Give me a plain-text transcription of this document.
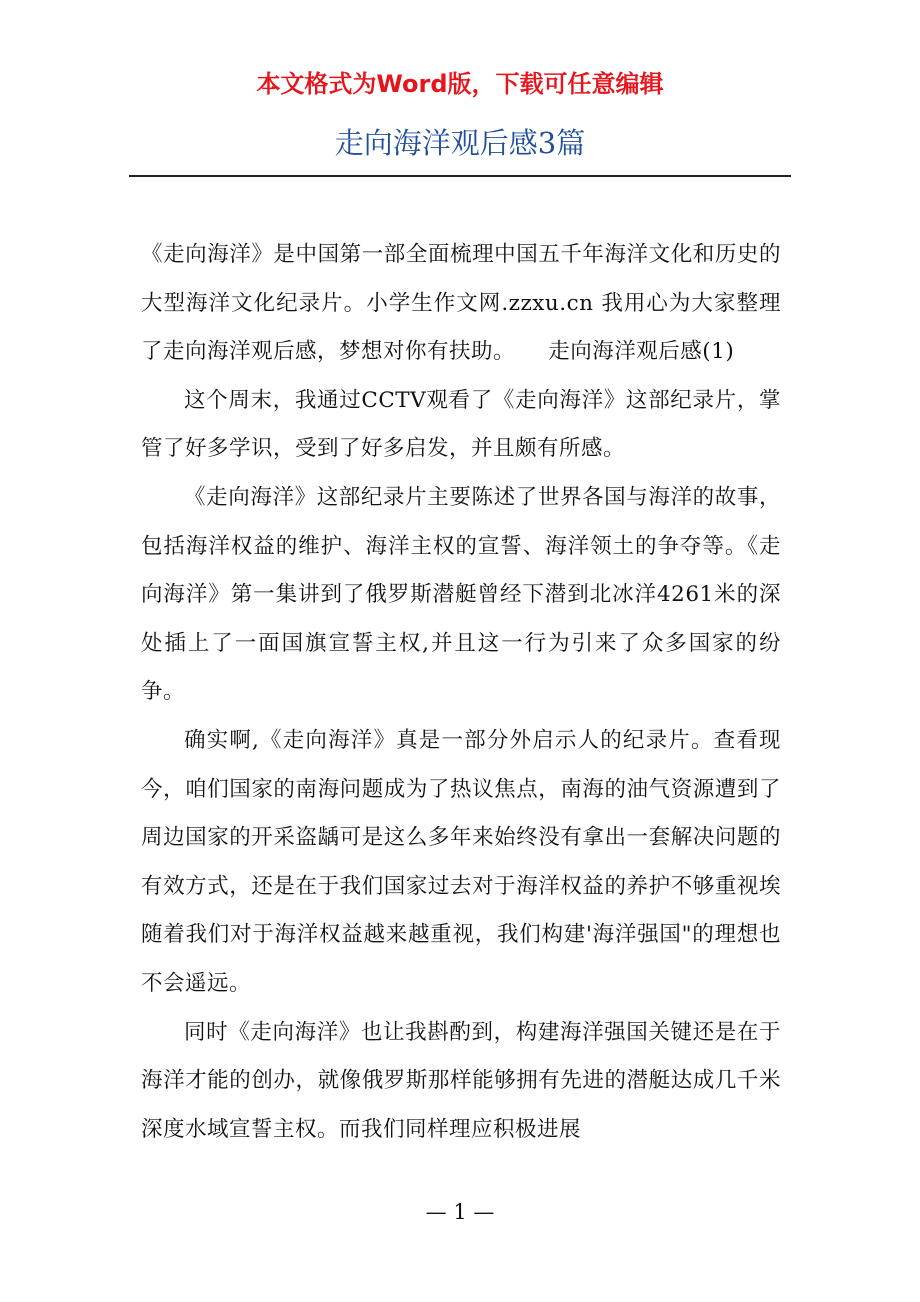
本文格式为Word版，下载可任意编辑
走向海洋观后感3篇

《走向海洋》是中国第一部全面梳理中国五千年海洋文化和历史的大型海洋文化纪录片。小学生作文网.zzxu.cn 我用心为大家整理了走向海洋观后感，梦想对你有扶助。　　走向海洋观后感(1)

这个周末，我通过CCTV观看了《走向海洋》这部纪录片，掌管了好多学识，受到了好多启发，并且颇有所感。

《走向海洋》这部纪录片主要陈述了世界各国与海洋的故事，包括海洋权益的维护、海洋主权的宣誓、海洋领土的争夺等。《走向海洋》第一集讲到了俄罗斯潜艇曾经下潜到北冰洋4261米的深处插上了一面国旗宣誓主权,并且这一行为引来了众多国家的纷争。

确实啊,《走向海洋》真是一部分外启示人的纪录片。查看现今，咱们国家的南海问题成为了热议焦点，南海的油气资源遭到了周边国家的开采盗龋可是这么多年来始终没有拿出一套解决问题的有效方式，还是在于我们国家过去对于海洋权益的养护不够重视埃随着我们对于海洋权益越来越重视，我们构建'海洋强国"的理想也不会遥远。

同时《走向海洋》也让我斟酌到，构建海洋强国关键还是在于海洋才能的创办，就像俄罗斯那样能够拥有先进的潜艇达成几千米深度水域宣誓主权。而我们同样理应积极进展

— 1 —
